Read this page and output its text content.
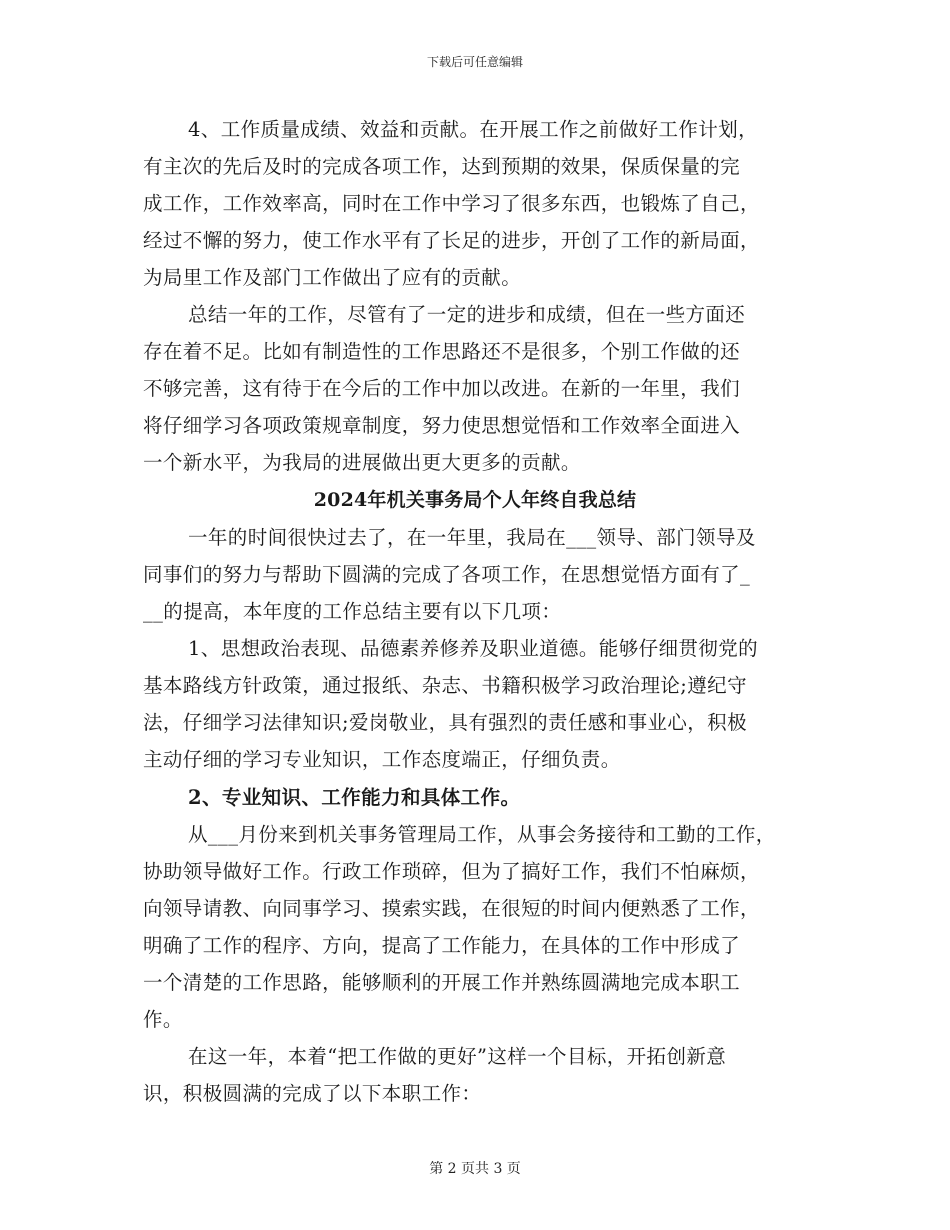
下载后可任意编辑
4、工作质量成绩、效益和贡献。在开展工作之前做好工作计划，
有主次的先后及时的完成各项工作，达到预期的效果，保质保量的完
成工作，工作效率高，同时在工作中学习了很多东西，也锻炼了自己，
经过不懈的努力，使工作水平有了长足的进步，开创了工作的新局面，
为局里工作及部门工作做出了应有的贡献。
总结一年的工作，尽管有了一定的进步和成绩，但在一些方面还
存在着不足。比如有制造性的工作思路还不是很多，个别工作做的还
不够完善，这有待于在今后的工作中加以改进。在新的一年里，我们
将仔细学习各项政策规章制度，努力使思想觉悟和工作效率全面进入
一个新水平，为我局的进展做出更大更多的贡献。
2024年机关事务局个人年终自我总结
一年的时间很快过去了，在一年里，我局在___领导、部门领导及
同事们的努力与帮助下圆满的完成了各项工作，在思想觉悟方面有了_
__的提高，本年度的工作总结主要有以下几项：
1、思想政治表现、品德素养修养及职业道德。能够仔细贯彻党的
基本路线方针政策，通过报纸、杂志、书籍积极学习政治理论;遵纪守
法，仔细学习法律知识;爱岗敬业，具有强烈的责任感和事业心，积极
主动仔细的学习专业知识，工作态度端正，仔细负责。
2、专业知识、工作能力和具体工作。
从___月份来到机关事务管理局工作，从事会务接待和工勤的工作，
协助领导做好工作。行政工作琐碎，但为了搞好工作，我们不怕麻烦，
向领导请教、向同事学习、摸索实践，在很短的时间内便熟悉了工作，
明确了工作的程序、方向，提高了工作能力，在具体的工作中形成了
一个清楚的工作思路，能够顺利的开展工作并熟练圆满地完成本职工
作。
在这一年，本着“把工作做的更好”这样一个目标，开拓创新意
识，积极圆满的完成了以下本职工作：
第 2 页共 3 页
